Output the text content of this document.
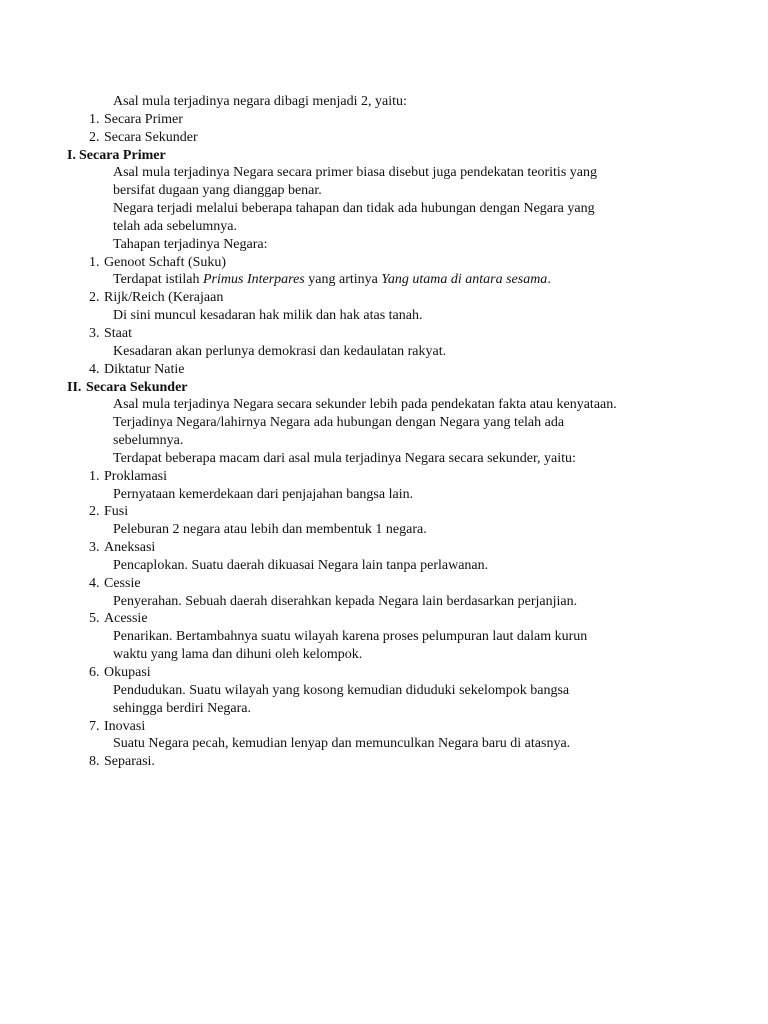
Asal mula terjadinya negara dibagi menjadi 2, yaitu:
1. Secara Primer
2. Secara Sekunder
I. Secara Primer
Asal mula terjadinya Negara secara primer biasa disebut juga pendekatan teoritis yang
bersifat dugaan yang dianggap benar.
Negara terjadi melalui beberapa tahapan dan tidak ada hubungan dengan Negara yang
telah ada sebelumnya.
Tahapan terjadinya Negara:
1. Genoot Schaft (Suku)
Terdapat istilah Primus Interpares yang artinya Yang utama di antara sesama.
2. Rijk/Reich (Kerajaan
Di sini muncul kesadaran hak milik dan hak atas tanah.
3. Staat
Kesadaran akan perlunya demokrasi dan kedaulatan rakyat.
4. Diktatur Natie
II. Secara Sekunder
Asal mula terjadinya Negara secara sekunder lebih pada pendekatan fakta atau kenyataan.
Terjadinya Negara/lahirnya Negara ada hubungan dengan Negara yang telah ada
sebelumnya.
Terdapat beberapa macam dari asal mula terjadinya Negara secara sekunder, yaitu:
1. Proklamasi
Pernyataan kemerdekaan dari penjajahan bangsa lain.
2. Fusi
Peleburan 2 negara atau lebih dan membentuk 1 negara.
3. Aneksasi
Pencaplokan. Suatu daerah dikuasai Negara lain tanpa perlawanan.
4. Cessie
Penyerahan. Sebuah daerah diserahkan kepada Negara lain berdasarkan perjanjian.
5. Acessie
Penarikan. Bertambahnya suatu wilayah karena proses pelumpuran laut dalam kurun
waktu yang lama dan dihuni oleh kelompok.
6. Okupasi
Pendudukan. Suatu wilayah yang kosong kemudian diduduki sekelompok bangsa
sehingga berdiri Negara.
7. Inovasi
Suatu Negara pecah, kemudian lenyap dan memunculkan Negara baru di atasnya.
8. Separasi.
